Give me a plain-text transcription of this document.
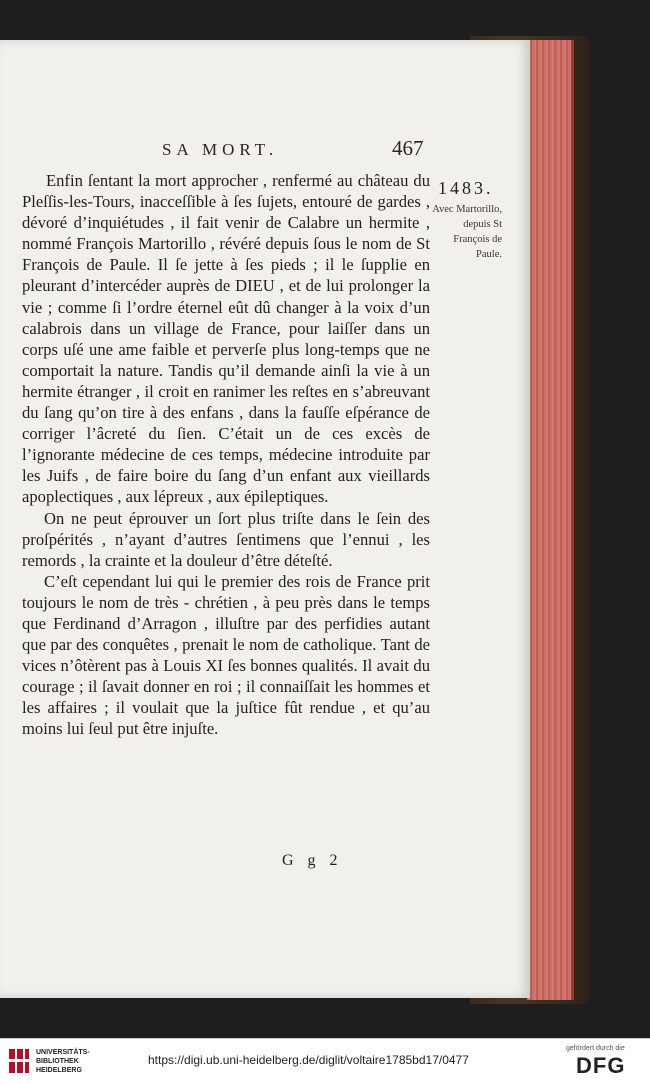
SA MORT.	467
1483.
Avec Martorillo, depuis St François de Paule.

Enfin ſentant la mort approcher , renfermé au château du Pleſſis-les-Tours, inacceſſible à ſes ſujets, entouré de gardes , dévoré d’inquiétudes , il fait venir de Calabre un hermite , nommé François Martorillo , révéré depuis ſous le nom de St François de Paule. Il ſe jette à ſes pieds ; il le ſupplie en pleurant d’intercéder auprès de DIEU , et de lui prolonger la vie ; comme ſi l’ordre éternel eût dû changer à la voix d’un calabrois dans un village de France, pour laiſſer dans un corps uſé une ame faible et perverſe plus long-temps que ne comportait la nature. Tandis qu’il demande ainſi la vie à un hermite étranger , il croit en ranimer les reſtes en s’abreuvant du ſang qu’on tire à des enfans , dans la fauſſe eſpérance de corriger l’âcreté du ſien. C’était un de ces excès de l’ignorante médecine de ces temps, médecine introduite par les Juifs , de faire boire du ſang d’un enfant aux vieillards apoplectiques , aux lépreux , aux épileptiques.

On ne peut éprouver un ſort plus triſte dans le ſein des proſpérités , n’ayant d’autres ſentimens que l’ennui , les remords , la crainte et la douleur d’être déteſté.

C’eſt cependant lui qui le premier des rois de France prit toujours le nom de très - chrétien , à peu près dans le temps que Ferdinand d’Arragon , illuſtre par des perfidies autant que par des conquêtes , prenait le nom de catholique. Tant de vices n’ôtèrent pas à Louis XI ſes bonnes qualités. Il avait du courage ; il ſavait donner en roi ; il connaiſſait les hommes et les affaires ; il voulait que la juſtice fût rendue , et qu’au moins lui ſeul put être injuſte.

G g 2
UNIVERSITÄTS-BIBLIOTHEK HEIDELBERG
https://digi.ub.uni-heidelberg.de/diglit/voltaire1785bd17/0477
gefördert durch die
DFG
